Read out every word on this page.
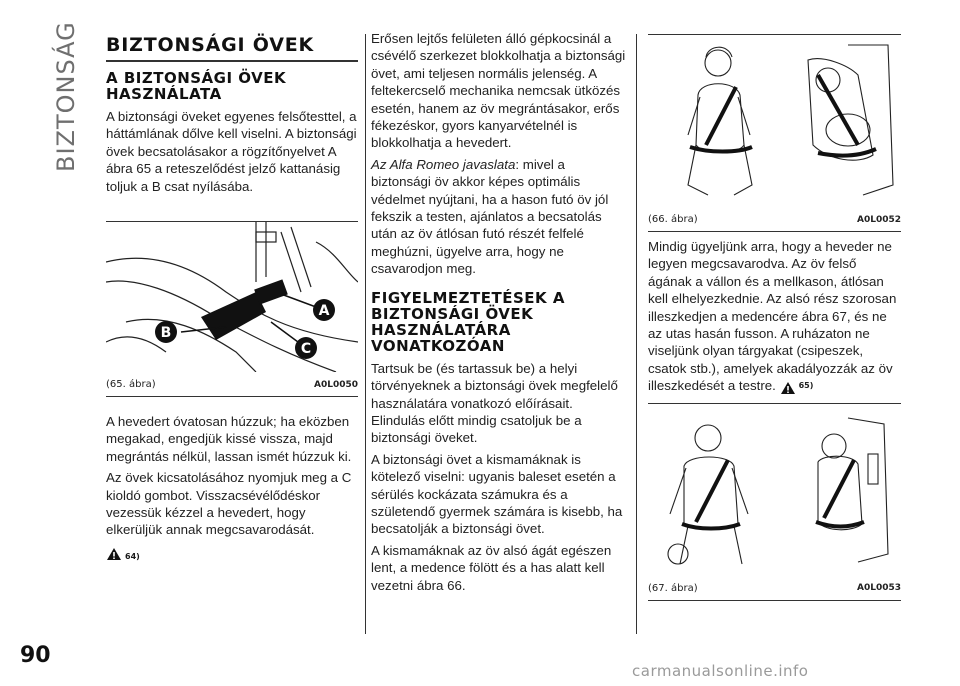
BIZTONSÁG
90
carmanualsonline.info
BIZTONSÁGI ÖVEK
A BIZTONSÁGI ÖVEK HASZNÁLATA

A biztonsági öveket egyenes felsőtesttel, a háttámlának dőlve kell viselni. A biztonsági övek becsatolásakor a rögzítőnyelvet A ábra 65 a reteszelődést jelző kattanásig toljuk a B csat nyílásába.

A
B
C
(65. ábra)	A0L0050

A hevedert óvatosan húzzuk; ha eközben megakad, engedjük kissé vissza, majd megrántás nélkül, lassan ismét húzzuk ki.

Az övek kicsatolásához nyomjuk meg a C kioldó gombot. Visszacsévélődéskor vezessük kézzel a hevedert, hogy elkerüljük annak megcsavarodását.

64)

Erősen lejtős felületen álló gépkocsinál a csévélő szerkezet blokkolhatja a biztonsági övet, ami teljesen normális jelenség. A feltekercselő mechanika nemcsak ütközés esetén, hanem az öv megrántásakor, erős fékezéskor, gyors kanyarvételnél is blokkolhatja a hevedert.

Az Alfa Romeo javaslata: mivel a biztonsági öv akkor képes optimális védelmet nyújtani, ha a hason futó öv jól fekszik a testen, ajánlatos a becsatolás után az öv átlósan futó részét felfelé meghúzni, ügyelve arra, hogy ne csavarodjon meg.

FIGYELMEZTETÉSEK A BIZTONSÁGI ÖVEK HASZNÁLATÁRA VONATKOZÓAN

Tartsuk be (és tartassuk be) a helyi törvényeknek a biztonsági övek megfelelő használatára vonatkozó előírásait. Elindulás előtt mindig csatoljuk be a biztonsági öveket.

A biztonsági övet a kismamáknak is kötelező viselni: ugyanis baleset esetén a sérülés kockázata számukra és a születendő gyermek számára is kisebb, ha becsatolják a biztonsági övet.

A kismamáknak az öv alsó ágát egészen lent, a medence fölött és a has alatt kell vezetni ábra 66.

(66. ábra)	A0L0052

Mindig ügyeljünk arra, hogy a heveder ne legyen megcsavarodva. Az öv felső ágának a vállon és a mellkason, átlósan kell elhelyezkednie. Az alsó rész szorosan illeszkedjen a medencére ábra 67, és ne az utas hasán fusson. A ruházaton ne viseljünk olyan tárgyakat (csipeszek, csatok stb.), amelyek akadályozzák az öv illeszkedését a testre.	65)

(67. ábra)	A0L0053
